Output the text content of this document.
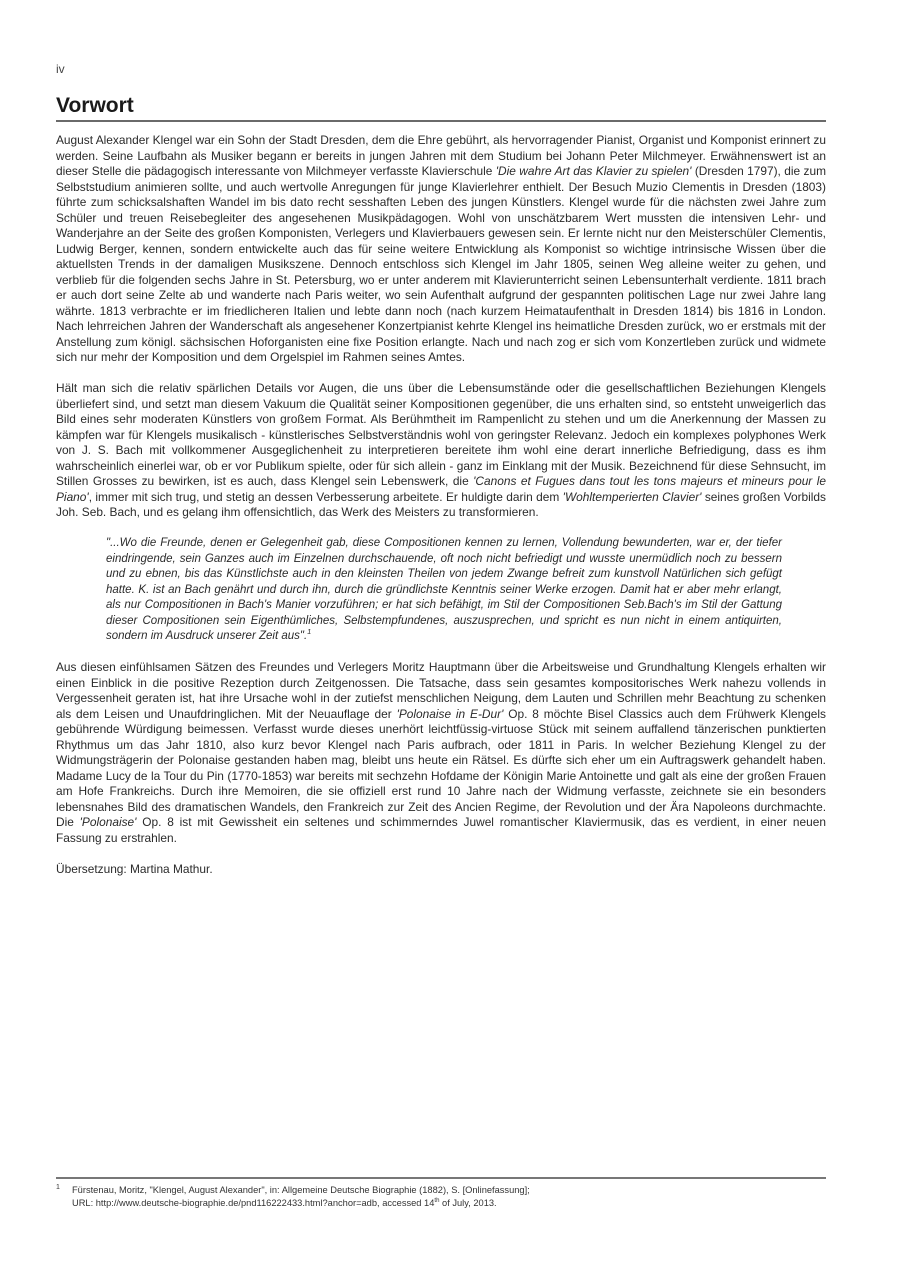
iv
Vorwort

August Alexander Klengel war ein Sohn der Stadt Dresden, dem die Ehre gebührt, als hervorragender Pianist, Organist und Komponist erinnert zu werden. Seine Laufbahn als Musiker begann er bereits in jungen Jahren mit dem Studium bei Johann Peter Milchmeyer. Erwähnenswert ist an dieser Stelle die pädagogisch interessante von Milchmeyer verfasste Klavierschule 'Die wahre Art das Klavier zu spielen' (Dresden 1797), die zum Selbststudium animieren sollte, und auch wertvolle Anregungen für junge Klavierlehrer enthielt. Der Besuch Muzio Clementis in Dresden (1803) führte zum schicksalshaften Wandel im bis dato recht sesshaften Leben des jungen Künstlers. Klengel wurde für die nächsten zwei Jahre zum Schüler und treuen Reisebegleiter des angesehenen Musikpädagogen. Wohl von unschätzbarem Wert mussten die intensiven Lehr- und Wanderjahre an der Seite des großen Komponisten, Verlegers und Klavierbauers gewesen sein. Er lernte nicht nur den Meisterschüler Clementis, Ludwig Berger, kennen, sondern entwickelte auch das für seine weitere Entwicklung als Komponist so wichtige intrinsische Wissen über die aktuellsten Trends in der damaligen Musikszene. Dennoch entschloss sich Klengel im Jahr 1805, seinen Weg alleine weiter zu gehen, und verblieb für die folgenden sechs Jahre in St. Petersburg, wo er unter anderem mit Klavierunterricht seinen Lebensunterhalt verdiente. 1811 brach er auch dort seine Zelte ab und wanderte nach Paris weiter, wo sein Aufenthalt aufgrund der gespannten politischen Lage nur zwei Jahre lang währte. 1813 verbrachte er im friedlicheren Italien und lebte dann noch (nach kurzem Heimataufenthalt in Dresden 1814) bis 1816 in London. Nach lehrreichen Jahren der Wanderschaft als angesehener Konzertpianist kehrte Klengel ins heimatliche Dresden zurück, wo er erstmals mit der Anstellung zum königl. sächsischen Hoforganisten eine fixe Position erlangte. Nach und nach zog er sich vom Konzertleben zurück und widmete sich nur mehr der Komposition und dem Orgelspiel im Rahmen seines Amtes.

Hält man sich die relativ spärlichen Details vor Augen, die uns über die Lebensumstände oder die gesellschaftlichen Beziehungen Klengels überliefert sind, und setzt man diesem Vakuum die Qualität seiner Kompositionen gegenüber, die uns erhalten sind, so entsteht unweigerlich das Bild eines sehr moderaten Künstlers von großem Format. Als Berühmtheit im Rampenlicht zu stehen und um die Anerkennung der Massen zu kämpfen war für Klengels musikalisch - künstlerisches Selbstverständnis wohl von geringster Relevanz. Jedoch ein komplexes polyphones Werk von J. S. Bach mit vollkommener Ausgeglichenheit zu interpretieren bereitete ihm wohl eine derart innerliche Befriedigung, dass es ihm wahrscheinlich einerlei war, ob er vor Publikum spielte, oder für sich allein - ganz im Einklang mit der Musik. Bezeichnend für diese Sehnsucht, im Stillen Grosses zu bewirken, ist es auch, dass Klengel sein Lebenswerk, die 'Canons et Fugues dans tout les tons majeurs et mineurs pour le Piano', immer mit sich trug, und stetig an dessen Verbesserung arbeitete. Er huldigte darin dem 'Wohltemperierten Clavier' seines großen Vorbilds Joh. Seb. Bach, und es gelang ihm offensichtlich, das Werk des Meisters zu transformieren.

"...Wo die Freunde, denen er Gelegenheit gab, diese Compositionen kennen zu lernen, Vollendung bewunderten, war er, der tiefer eindringende, sein Ganzes auch im Einzelnen durchschauende, oft noch nicht befriedigt und wusste unermüdlich noch zu bessern und zu ebnen, bis das Künstlichste auch in den kleinsten Theilen von jedem Zwange befreit zum kunstvoll Natürlichen sich gefügt hatte. K. ist an Bach genährt und durch ihn, durch die gründlichste Kenntnis seiner Werke erzogen. Damit hat er aber mehr erlangt, als nur Compositionen in Bach's Manier vorzuführen; er hat sich befähigt, im Stil der Compositionen Seb.Bach's im Stil der Gattung dieser Compositionen sein Eigenthümliches, Selbstempfundenes, auszusprechen, und spricht es nun nicht in einem antiquirten, sondern im Ausdruck unserer Zeit aus".$^1$

Aus diesen einfühlsamen Sätzen des Freundes und Verlegers Moritz Hauptmann über die Arbeitsweise und Grundhaltung Klengels erhalten wir einen Einblick in die positive Rezeption durch Zeitgenossen. Die Tatsache, dass sein gesamtes kompositorisches Werk nahezu vollends in Vergessenheit geraten ist, hat ihre Ursache wohl in der zutiefst menschlichen Neigung, dem Lauten und Schrillen mehr Beachtung zu schenken als dem Leisen und Unaufdringlichen. Mit der Neuauflage der 'Polonaise in E-Dur' Op. 8 möchte Bisel Classics auch dem Frühwerk Klengels gebührende Würdigung beimessen. Verfasst wurde dieses unerhört leichtfüssig-virtuose Stück mit seinem auffallend tänzerischen punktierten Rhythmus um das Jahr 1810, also kurz bevor Klengel nach Paris aufbrach, oder 1811 in Paris. In welcher Beziehung Klengel zu der Widmungsträgerin der Polonaise gestanden haben mag, bleibt uns heute ein Rätsel. Es dürfte sich eher um ein Auftragswerk gehandelt haben. Madame Lucy de la Tour du Pin (1770-1853) war bereits mit sechzehn Hofdame der Königin Marie Antoinette und galt als eine der großen Frauen am Hofe Frankreichs. Durch ihre Memoiren, die sie offiziell erst rund 10 Jahre nach der Widmung verfasste, zeichnete sie ein besonders lebensnahes Bild des dramatischen Wandels, den Frankreich zur Zeit des Ancien Regime, der Revolution und der Ära Napoleons durchmachte. Die 'Polonaise' Op. 8 ist mit Gewissheit ein seltenes und schimmerndes Juwel romantischer Klaviermusik, das es verdient, in einer neuen Fassung zu erstrahlen.

Übersetzung: Martina Mathur.

1	Fürstenau, Moritz, "Klengel, August Alexander", in: Allgemeine Deutsche Biographie (1882), S. [Onlinefassung];
URL: http://www.deutsche-biographie.de/pnd116222433.html?anchor=adb, accessed 14th of July, 2013.
